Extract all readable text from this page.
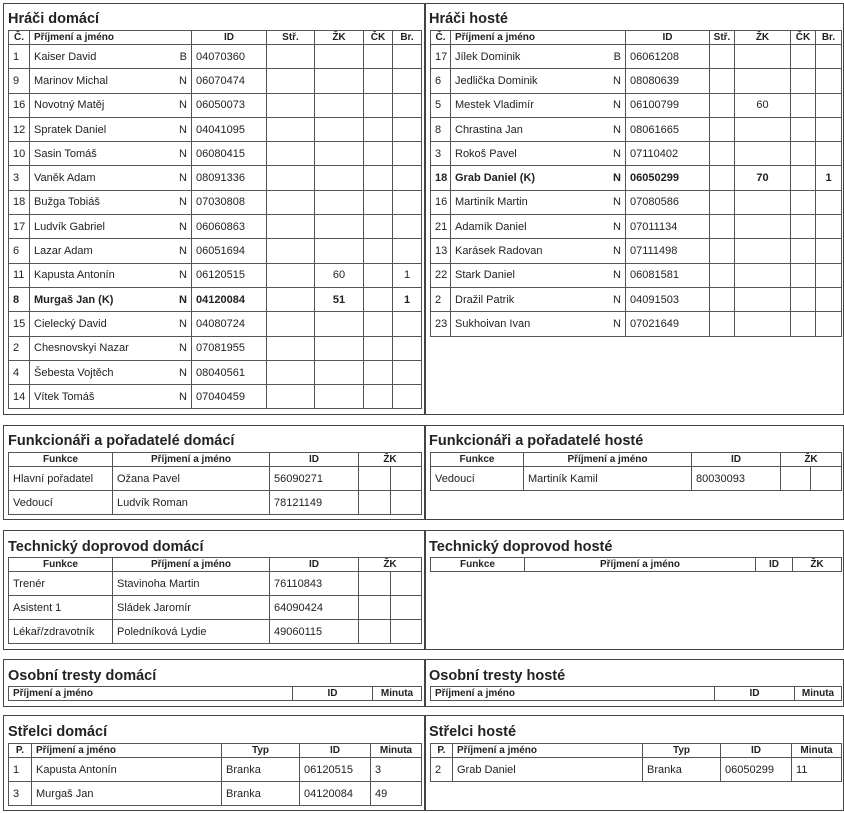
Hráči domácí	Hráči hosté
Č.	Příjmení a jméno	ID	Stř.	ŽK	ČK	Br.
1	Kaiser David B	04070360				
9	Marinov Michal N	06070474				
16	Novotný Matěj N	06050073				
12	Spratek Daniel N	04041095				
10	Sasin Tomáš N	06080415				
3	Vaněk Adam N	08091336				
18	Bužga Tobiáš N	07030808				
17	Ludvík Gabriel N	06060863				
6	Lazar Adam N	06051694				
11	Kapusta Antonín N	06120515		60		1
8	Murgaš Jan (K) N	04120084		51		1
15	Cielecký David N	04080724				
2	Chesnovskyi Nazar N	07081955				
4	Šebesta Vojtěch N	08040561				
14	Vítek Tomáš N	07040459				
Č.	Příjmení a jméno	ID	Stř.	ŽK	ČK	Br.
17	Jílek Dominik B	06061208				
6	Jedlička Dominik N	08080639				
5	Mestek Vladimír N	06100799		60		
8	Chrastina Jan N	08061665				
3	Rokoš Pavel N	07110402				
18	Grab Daniel (K) N	06050299		70		1
16	Martiník Martin N	07080586				
21	Adamík Daniel N	07011134				
13	Karásek Radovan N	07111498				
22	Stark Daniel N	06081581				
2	Dražil Patrik N	04091503				
23	Sukhoivan Ivan N	07021649				
Funkcionáři a pořadatelé domácí	Funkcionáři a pořadatelé hosté
Funkce	Příjmení a jméno	ID	ŽK	
Hlavní pořadatel	Ožana Pavel	56090271		
Vedoucí	Ludvík Roman	78121149		
Funkce	Příjmení a jméno	ID	ŽK	
Vedoucí	Martiník Kamil	80030093		
Technický doprovod domácí	Technický doprovod hosté
Funkce	Příjmení a jméno	ID	ŽK	
Trenér	Stavinoha Martin	76110843		
Asistent 1	Sládek Jaromír	64090424		
Lékař/zdravotník	Poledníková Lydie	49060115		
Funkce	Příjmení a jméno	ID	ŽK
Osobní tresty domácí	Osobní tresty hosté
Příjmení a jméno	ID	Minuta Příjmení a jméno	ID	Minuta
Střelci domácí	Střelci hosté
P.	Příjmení a jméno	Typ	ID	Minuta
1	Kapusta Antonín	Branka	06120515	3
3	Murgaš Jan	Branka	04120084	49
P.	Příjmení a jméno	Typ	ID	Minuta
2	Grab Daniel	Branka	06050299	11
